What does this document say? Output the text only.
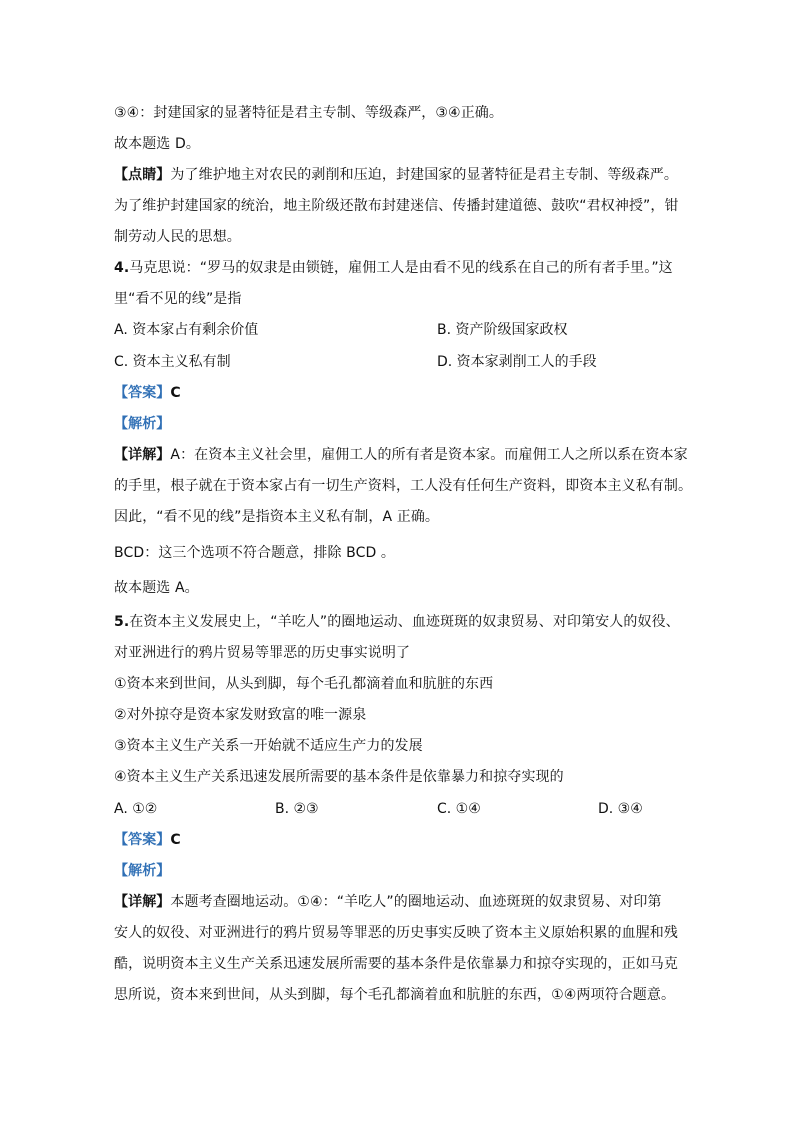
③④：封建国家的显著特征是君主专制、等级森严，③④正确。
故本题选 D。
【点睛】为了维护地主对农民的剥削和压迫，封建国家的显著特征是君主专制、等级森严。
为了维护封建国家的统治，地主阶级还散布封建迷信、传播封建道德、鼓吹“君权神授”，钳
制劳动人民的思想。
4.马克思说：“罗马的奴隶是由锁链，雇佣工人是由看不见的线系在自己的所有者手里。”这
里“看不见的线”是指
A. 资本家占有剩余价值	B. 资产阶级国家政权
C. 资本主义私有制	D. 资本家剥削工人的手段
【答案】C
【解析】
【详解】A：在资本主义社会里，雇佣工人的所有者是资本家。而雇佣工人之所以系在资本家
的手里，根子就在于资本家占有一切生产资料，工人没有任何生产资料，即资本主义私有制。
因此，“看不见的线”是指资本主义私有制，A 正确。
BCD：这三个选项不符合题意，排除 BCD 。
故本题选 A。
5.在资本主义发展史上，“羊吃人”的圈地运动、血迹斑斑的奴隶贸易、对印第安人的奴役、
对亚洲进行的鸦片贸易等罪恶的历史事实说明了
①资本来到世间，从头到脚，每个毛孔都滴着血和肮脏的东西
②对外掠夺是资本家发财致富的唯一源泉
③资本主义生产关系一开始就不适应生产力的发展
④资本主义生产关系迅速发展所需要的基本条件是依靠暴力和掠夺实现的
A. ①②	B. ②③	C. ①④	D. ③④
【答案】C
【解析】
【详解】本题考查圈地运动。①④：“羊吃人”的圈地运动、血迹斑斑的奴隶贸易、对印第
安人的奴役、对亚洲进行的鸦片贸易等罪恶的历史事实反映了资本主义原始积累的血腥和残
酷，说明资本主义生产关系迅速发展所需要的基本条件是依靠暴力和掠夺实现的，正如马克
思所说，资本来到世间，从头到脚，每个毛孔都滴着血和肮脏的东西，①④两项符合题意。
